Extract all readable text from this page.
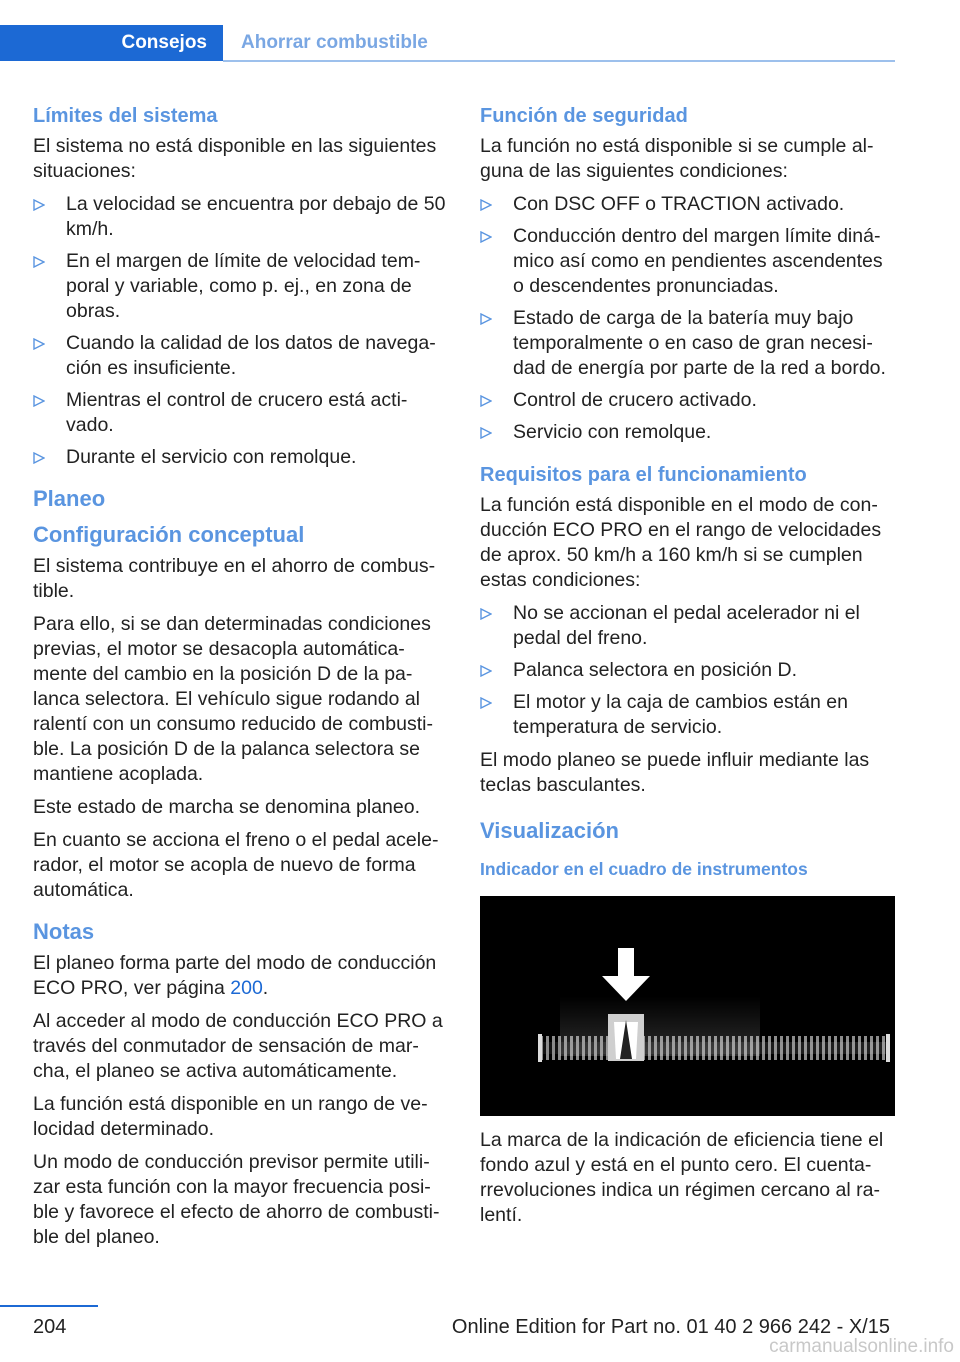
Consejos Ahorrar combustible
Límites del sistema

El sistema no está disponible en las siguientes situaciones:

La velocidad se encuentra por debajo de 50 km/h.
En el margen de límite de velocidad tem‐poral y variable, como p. ej., en zona de obras.
Cuando la calidad de los datos de navega‐ción es insuficiente.
Mientras el control de crucero está acti‐vado.
Durante el servicio con remolque.
Planeo
Configuración conceptual

El sistema contribuye en el ahorro de combus‐tible.

Para ello, si se dan determinadas condiciones previas, el motor se desacopla automática‐mente del cambio en la posición D de la pa‐lanca selectora. El vehículo sigue rodando al ralentí con un consumo reducido de combusti‐ble. La posición D de la palanca selectora se mantiene acoplada.

Este estado de marcha se denomina planeo.

En cuanto se acciona el freno o el pedal acele‐rador, el motor se acopla de nuevo de forma automática.

Notas

El planeo forma parte del modo de conducción ECO PRO, ver página 200.

Al acceder al modo de conducción ECO PRO a través del conmutador de sensación de mar‐cha, el planeo se activa automáticamente.

La función está disponible en un rango de ve‐locidad determinado.

Un modo de conducción previsor permite utili‐zar esta función con la mayor frecuencia posi‐ble y favorece el efecto de ahorro de combusti‐ble del planeo.

Función de seguridad

La función no está disponible si se cumple al‐guna de las siguientes condiciones:

Con DSC OFF o TRACTION activado.
Conducción dentro del margen límite diná‐mico así como en pendientes ascendentes o descendentes pronunciadas.
Estado de carga de la batería muy bajo temporalmente o en caso de gran necesi‐dad de energía por parte de la red a bordo.
Control de crucero activado.
Servicio con remolque.
Requisitos para el funcionamiento

La función está disponible en el modo de con‐ducción ECO PRO en el rango de velocidades de aprox. 50 km/h a 160 km/h si se cumplen estas condiciones:

No se accionan el pedal acelerador ni el pedal del freno.
Palanca selectora en posición D.
El motor y la caja de cambios están en temperatura de servicio.

El modo planeo se puede influir mediante las teclas basculantes.

Visualización
Indicador en el cuadro de instrumentos

La marca de la indicación de eficiencia tiene el fondo azul y está en el punto cero. El cuenta‐rrevoluciones indica un régimen cercano al ra‐lentí.

204	Online Edition for Part no. 01 40 2 966 242 - X/15
carmanualsonline.info
